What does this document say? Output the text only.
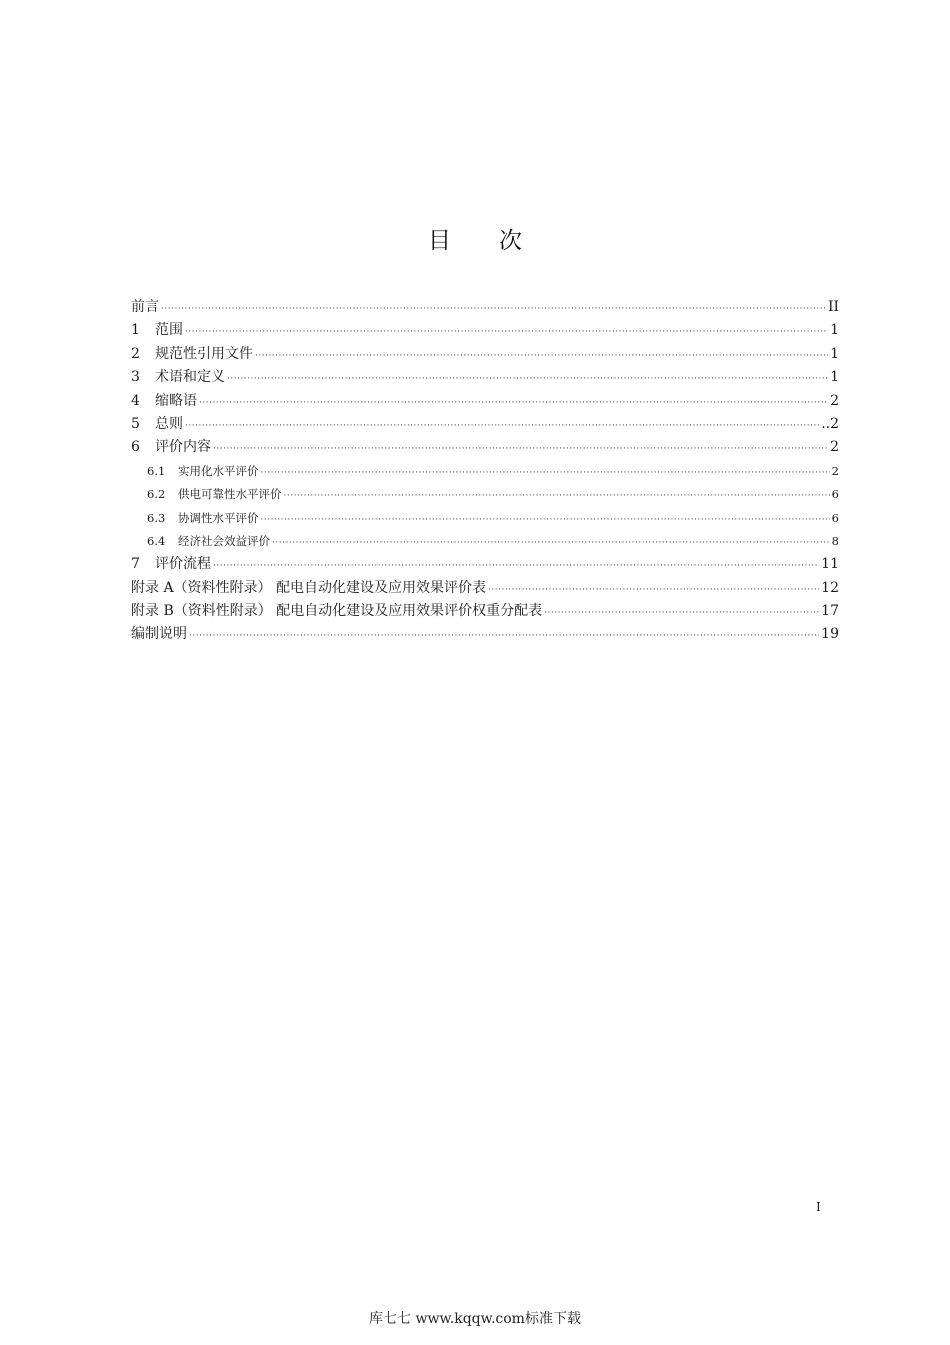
目 次
前言 ·····	II
1	范围 ·····	1
2	规范性引用文件 ·····	1
3	术语和定义 ·····	1
4	缩略语 ·····	2
5	总则 ·····	..2
6	评价内容 ·····	2
6.1	实用化水平评价 ·····	2
6.2	供电可靠性水平评价 ·····	6
6.3	协调性水平评价 ·····	6
6.4	经济社会效益评价 ·····	8
7	评价流程 ·····	11
附录 A（资料性附录） 配电自动化建设及应用效果评价表 ·····	12
附录 B（资料性附录） 配电自动化建设及应用效果评价权重分配表 ·····	17
编制说明 ·····	19
I
库七七 www.kqqw.com标准下载
